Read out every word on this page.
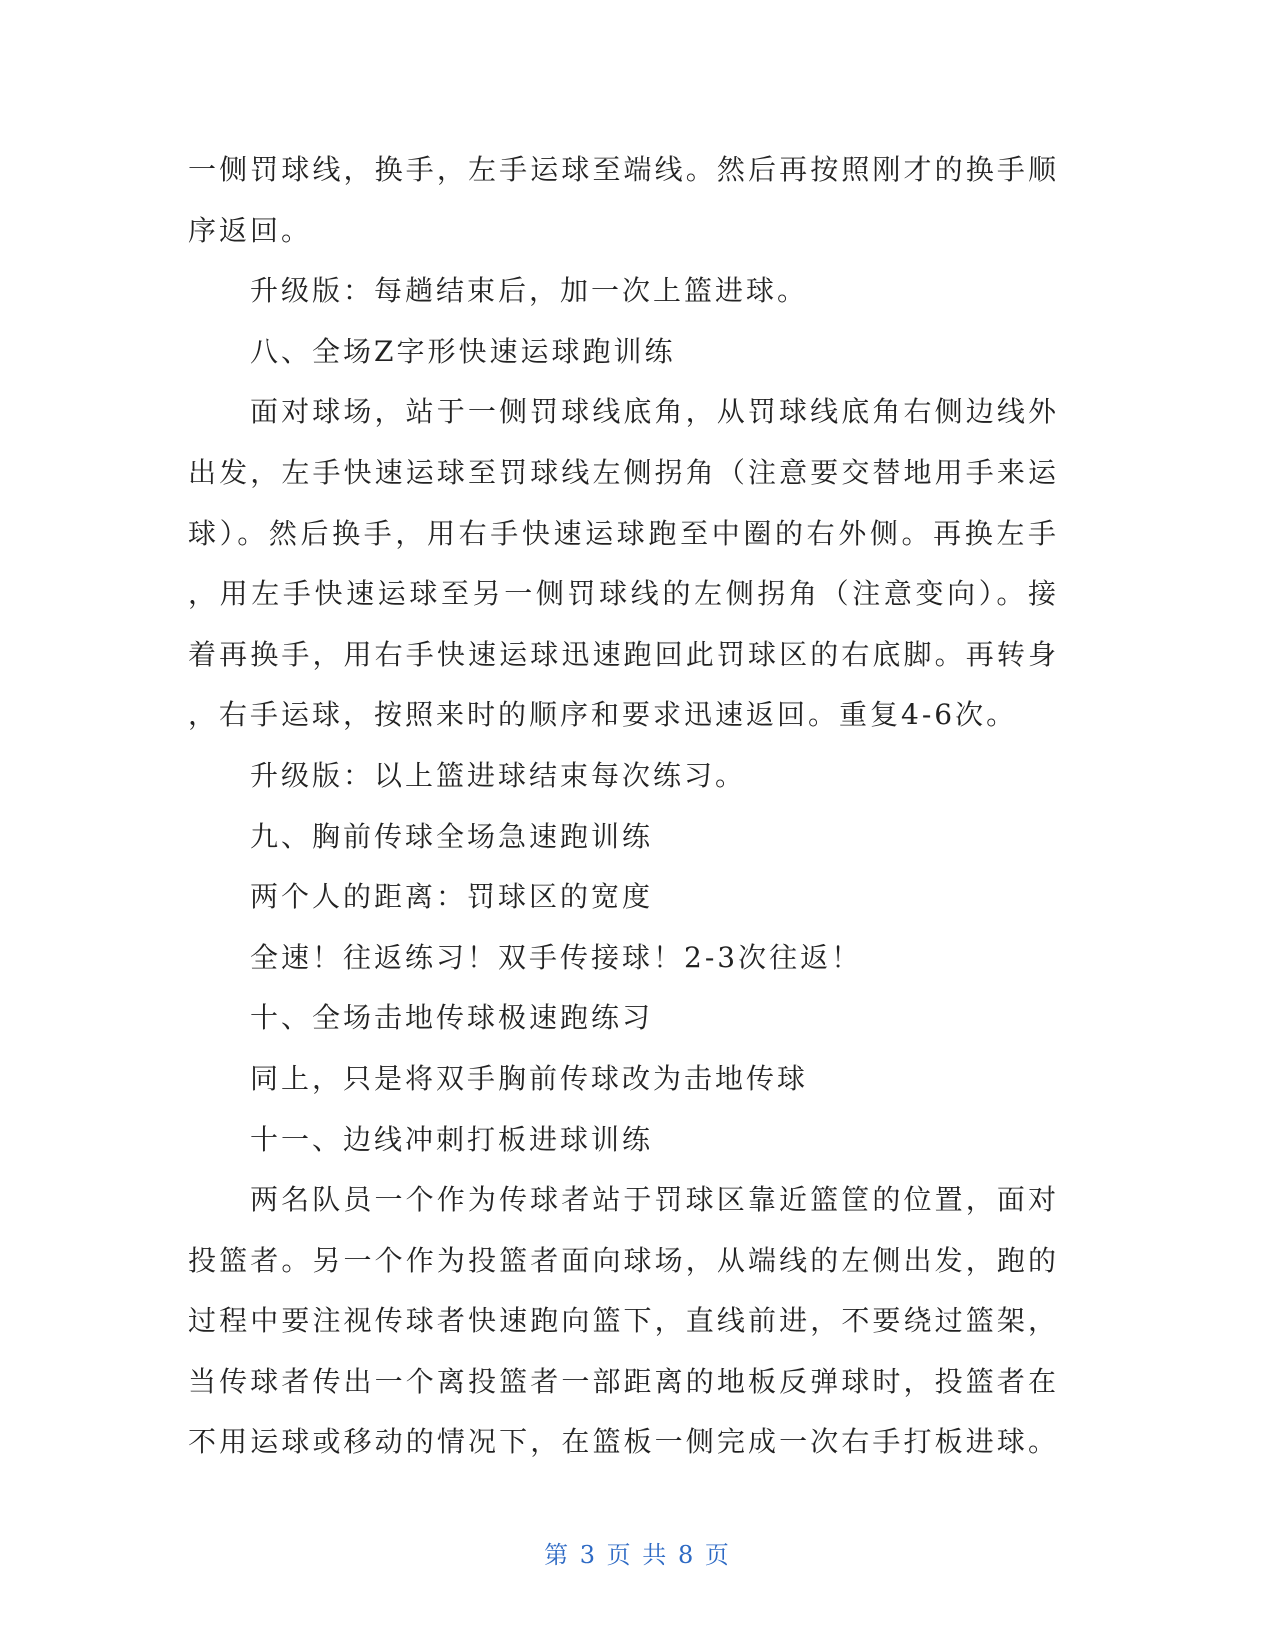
一侧罚球线，换手，左手运球至端线。然后再按照刚才的换手顺
序返回。
升级版：每趟结束后，加一次上篮进球。
八、全场Z字形快速运球跑训练
面对球场，站于一侧罚球线底角，从罚球线底角右侧边线外
出发，左手快速运球至罚球线左侧拐角（注意要交替地用手来运
球）。然后换手，用右手快速运球跑至中圈的右外侧。再换左手
，用左手快速运球至另一侧罚球线的左侧拐角（注意变向）。接
着再换手，用右手快速运球迅速跑回此罚球区的右底脚。再转身
，右手运球，按照来时的顺序和要求迅速返回。重复4-6次。
升级版：以上篮进球结束每次练习。
九、胸前传球全场急速跑训练
两个人的距离：罚球区的宽度
全速！往返练习！双手传接球！2-3次往返！
十、全场击地传球极速跑练习
同上，只是将双手胸前传球改为击地传球
十一、边线冲刺打板进球训练
两名队员一个作为传球者站于罚球区靠近篮筐的位置，面对
投篮者。另一个作为投篮者面向球场，从端线的左侧出发，跑的
过程中要注视传球者快速跑向篮下，直线前进，不要绕过篮架，
当传球者传出一个离投篮者一部距离的地板反弹球时，投篮者在
不用运球或移动的情况下，在篮板一侧完成一次右手打板进球。
第 3 页 共 8 页
